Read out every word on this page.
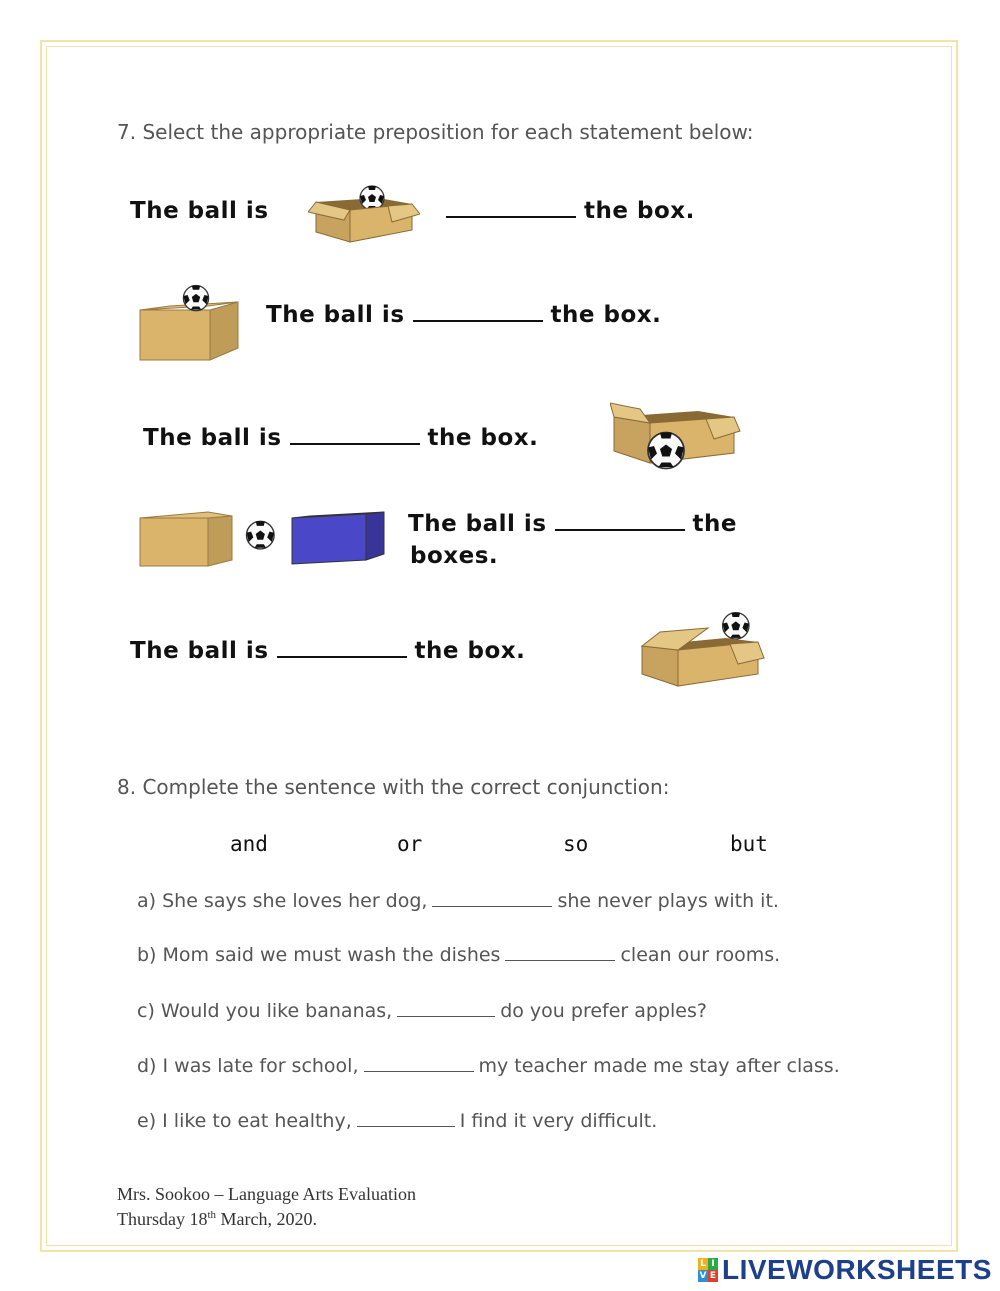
7. Select the appropriate preposition for each statement below:
The ball is	the box.
The ball is	the box.
The ball is	the box.
The ball is	the
boxes.
The ball is	the box.
8. Complete the sentence with the correct conjunction:
and	or	so	but
a) She says she loves her dog,	she never plays with it.
b) Mom said we must wash the dishes	clean our rooms.
c) Would you like bananas,	do you prefer apples?
d) I was late for school,	my teacher made me stay after class.
e) I like to eat healthy,	I find it very difficult.
Mrs. Sookoo – Language Arts Evaluation
Thursday 18th March, 2020.
L I
V E LIVEWORKSHEETS
